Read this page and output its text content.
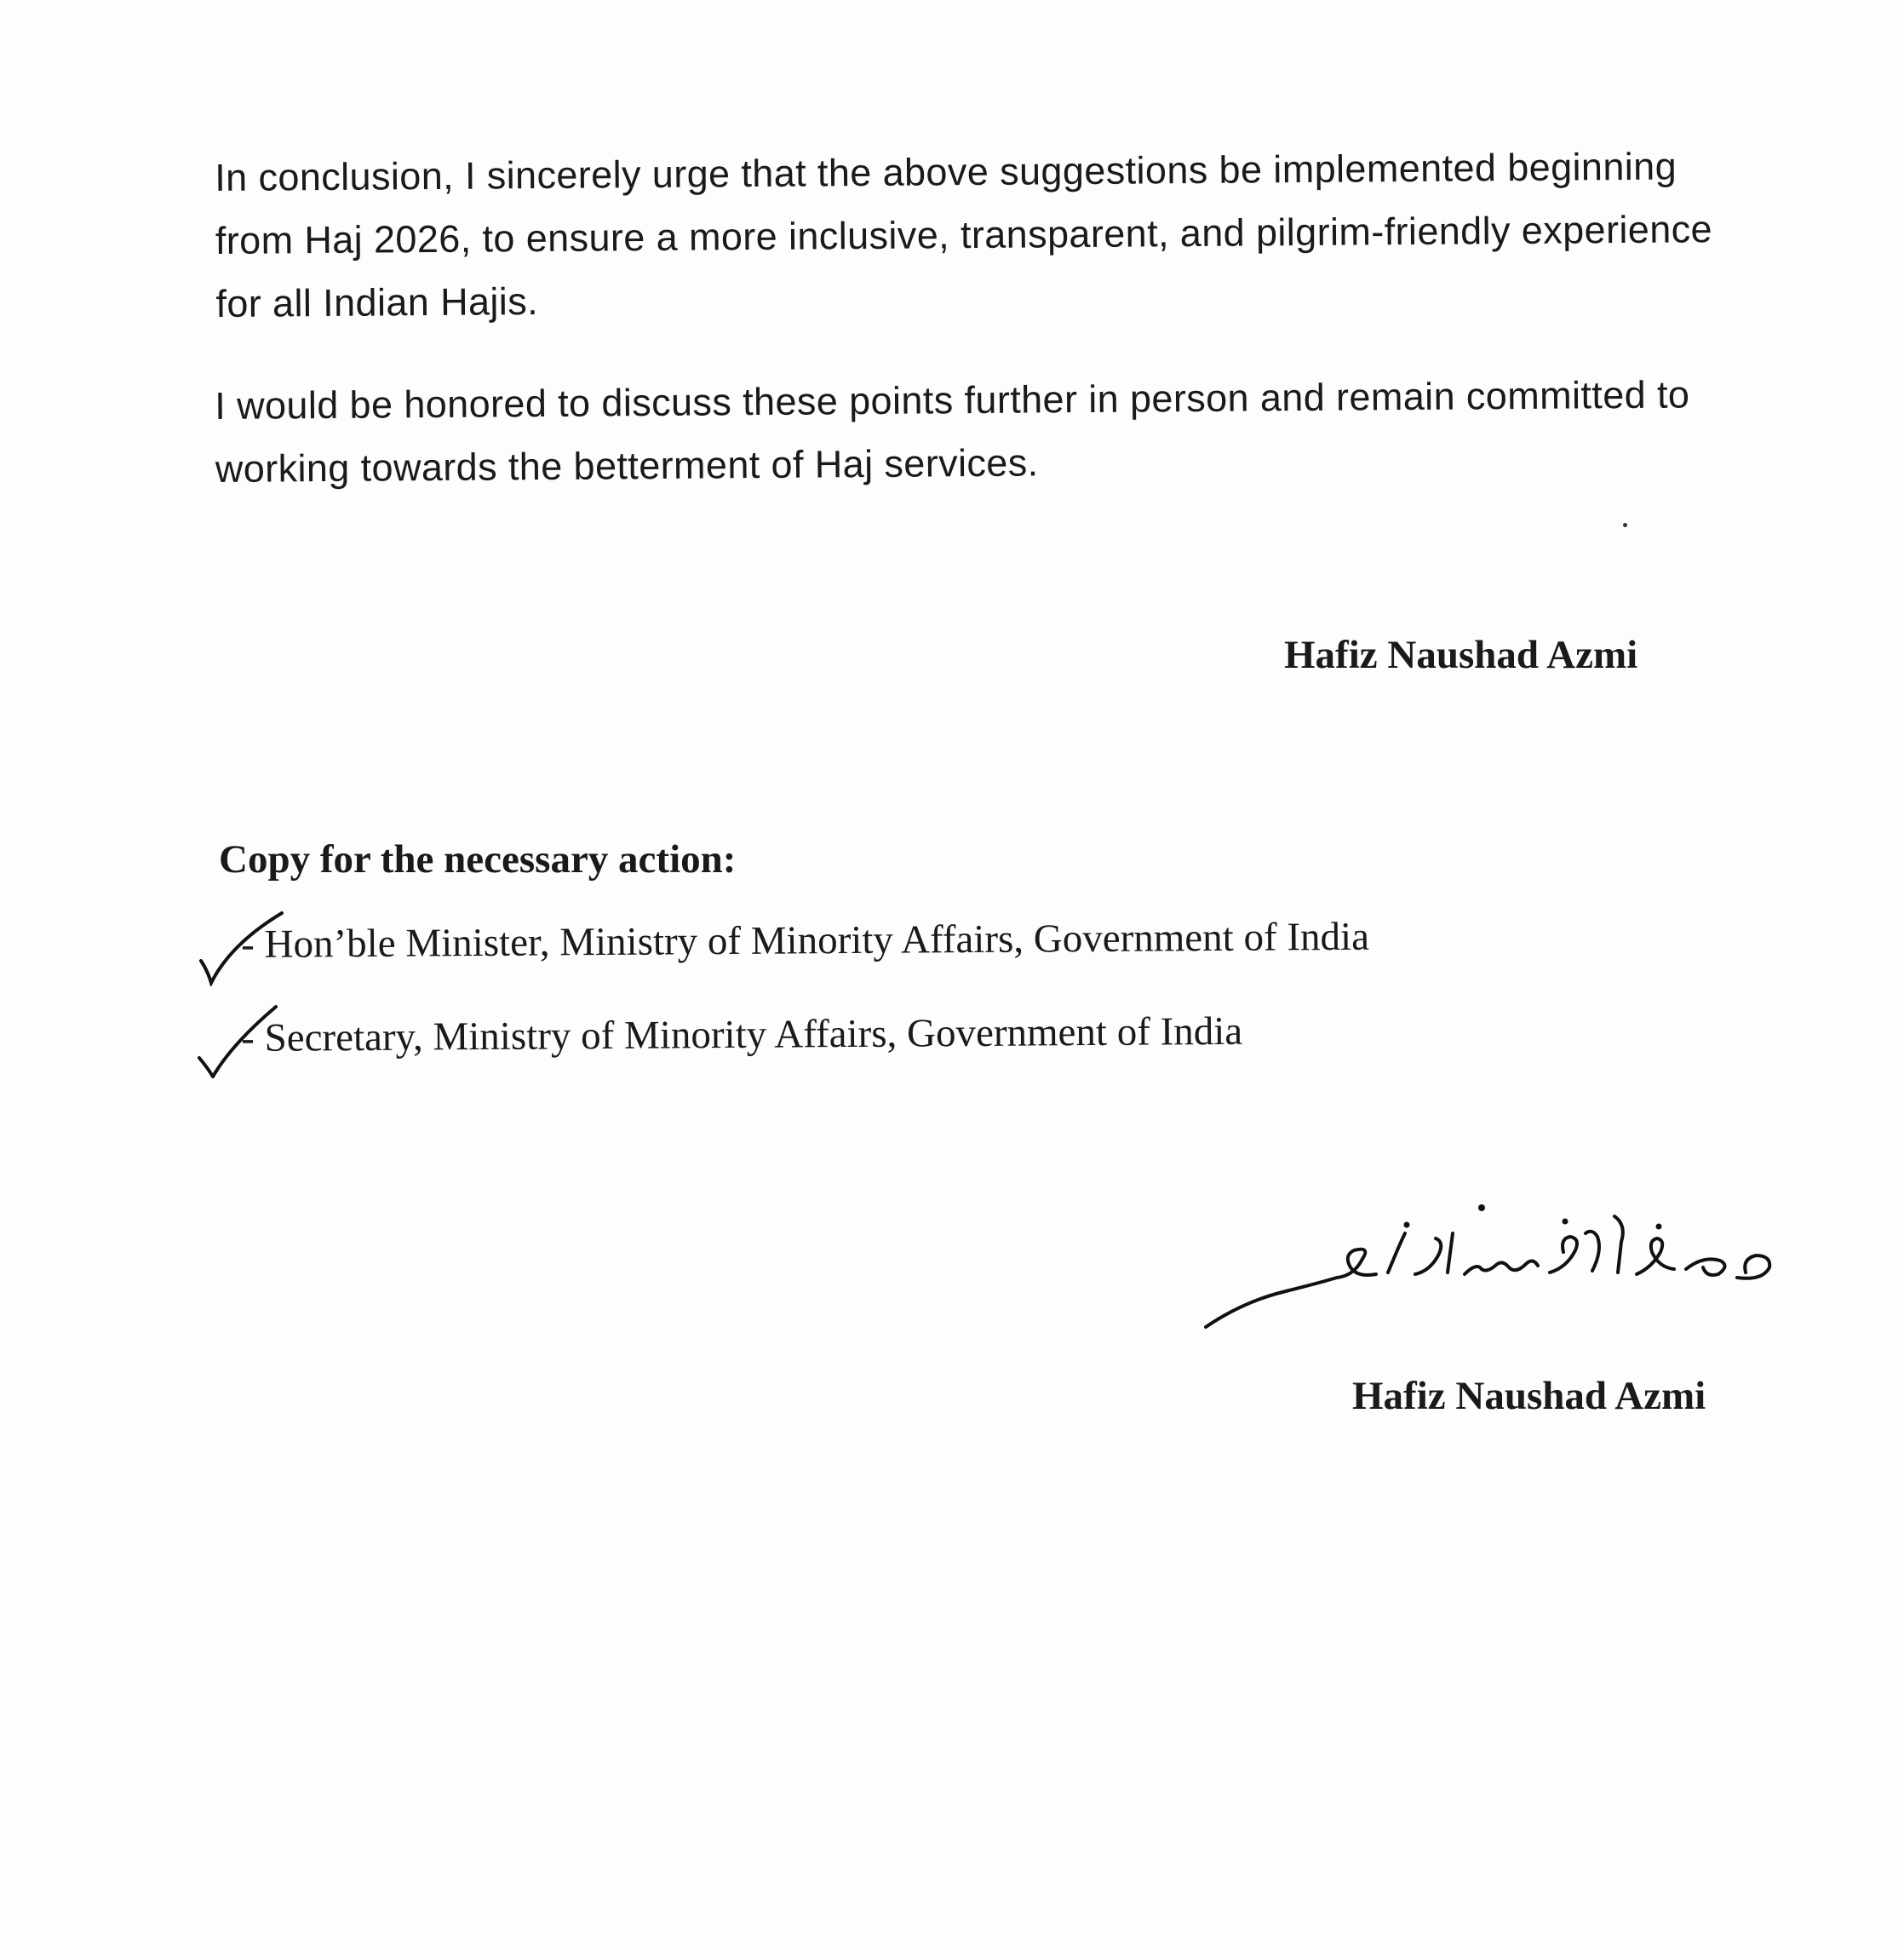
In conclusion, I sincerely urge that the above suggestions be implemented beginning from Haj 2026, to ensure a more inclusive, transparent, and pilgrim-friendly experience for all Indian Hajis.

I would be honored to discuss these points further in person and remain committed to working towards the betterment of Haj services.

Hafiz Naushad Azmi

Copy for the necessary action:

- Hon’ble Minister, Ministry of Minority Affairs, Government of India

- Secretary, Ministry of Minority Affairs, Government of India

Hafiz Naushad Azmi
